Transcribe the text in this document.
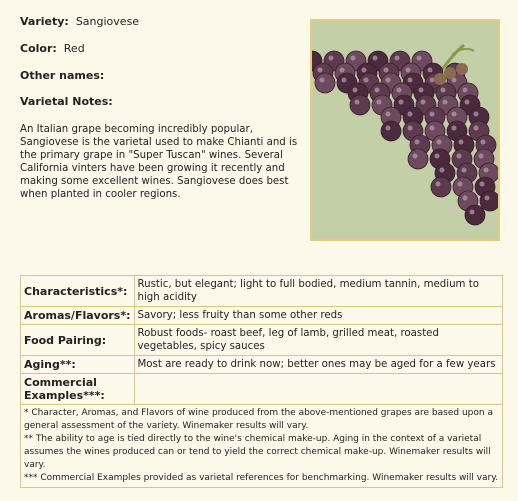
Variety: Sangiovese
Color: Red
Other names:
Varietal Notes:
An Italian grape becoming incredibly popular, Sangiovese is the varietal used to make Chianti and is the primary grape in "Super Tuscan" wines. Several California vinters have been growing it recently and making some excellent wines. Sangiovese does best when planted in cooler regions.
Characteristics*:	Rustic, but elegant; light to full bodied, medium tannin, medium to high acidity
Aromas/Flavors*:	Savory; less fruity than some other reds
Food Pairing:	Robust foods- roast beef, leg of lamb, grilled meat, roasted vegetables, spicy sauces
Aging**:	Most are ready to drink now; better ones may be aged for a few years
Commercial Examples***:	

* Character, Aromas, and Flavors of wine produced from the above-mentioned grapes are based upon a general assessment of the variety. Winemaker results will vary.

** The ability to age is tied directly to the wine's chemical make-up. Aging in the context of a varietal assumes the wines produced can or tend to yield the correct chemical make-up. Winemaker results will vary.

*** Commercial Examples provided as varietal references for benchmarking. Winemaker results will vary.	
